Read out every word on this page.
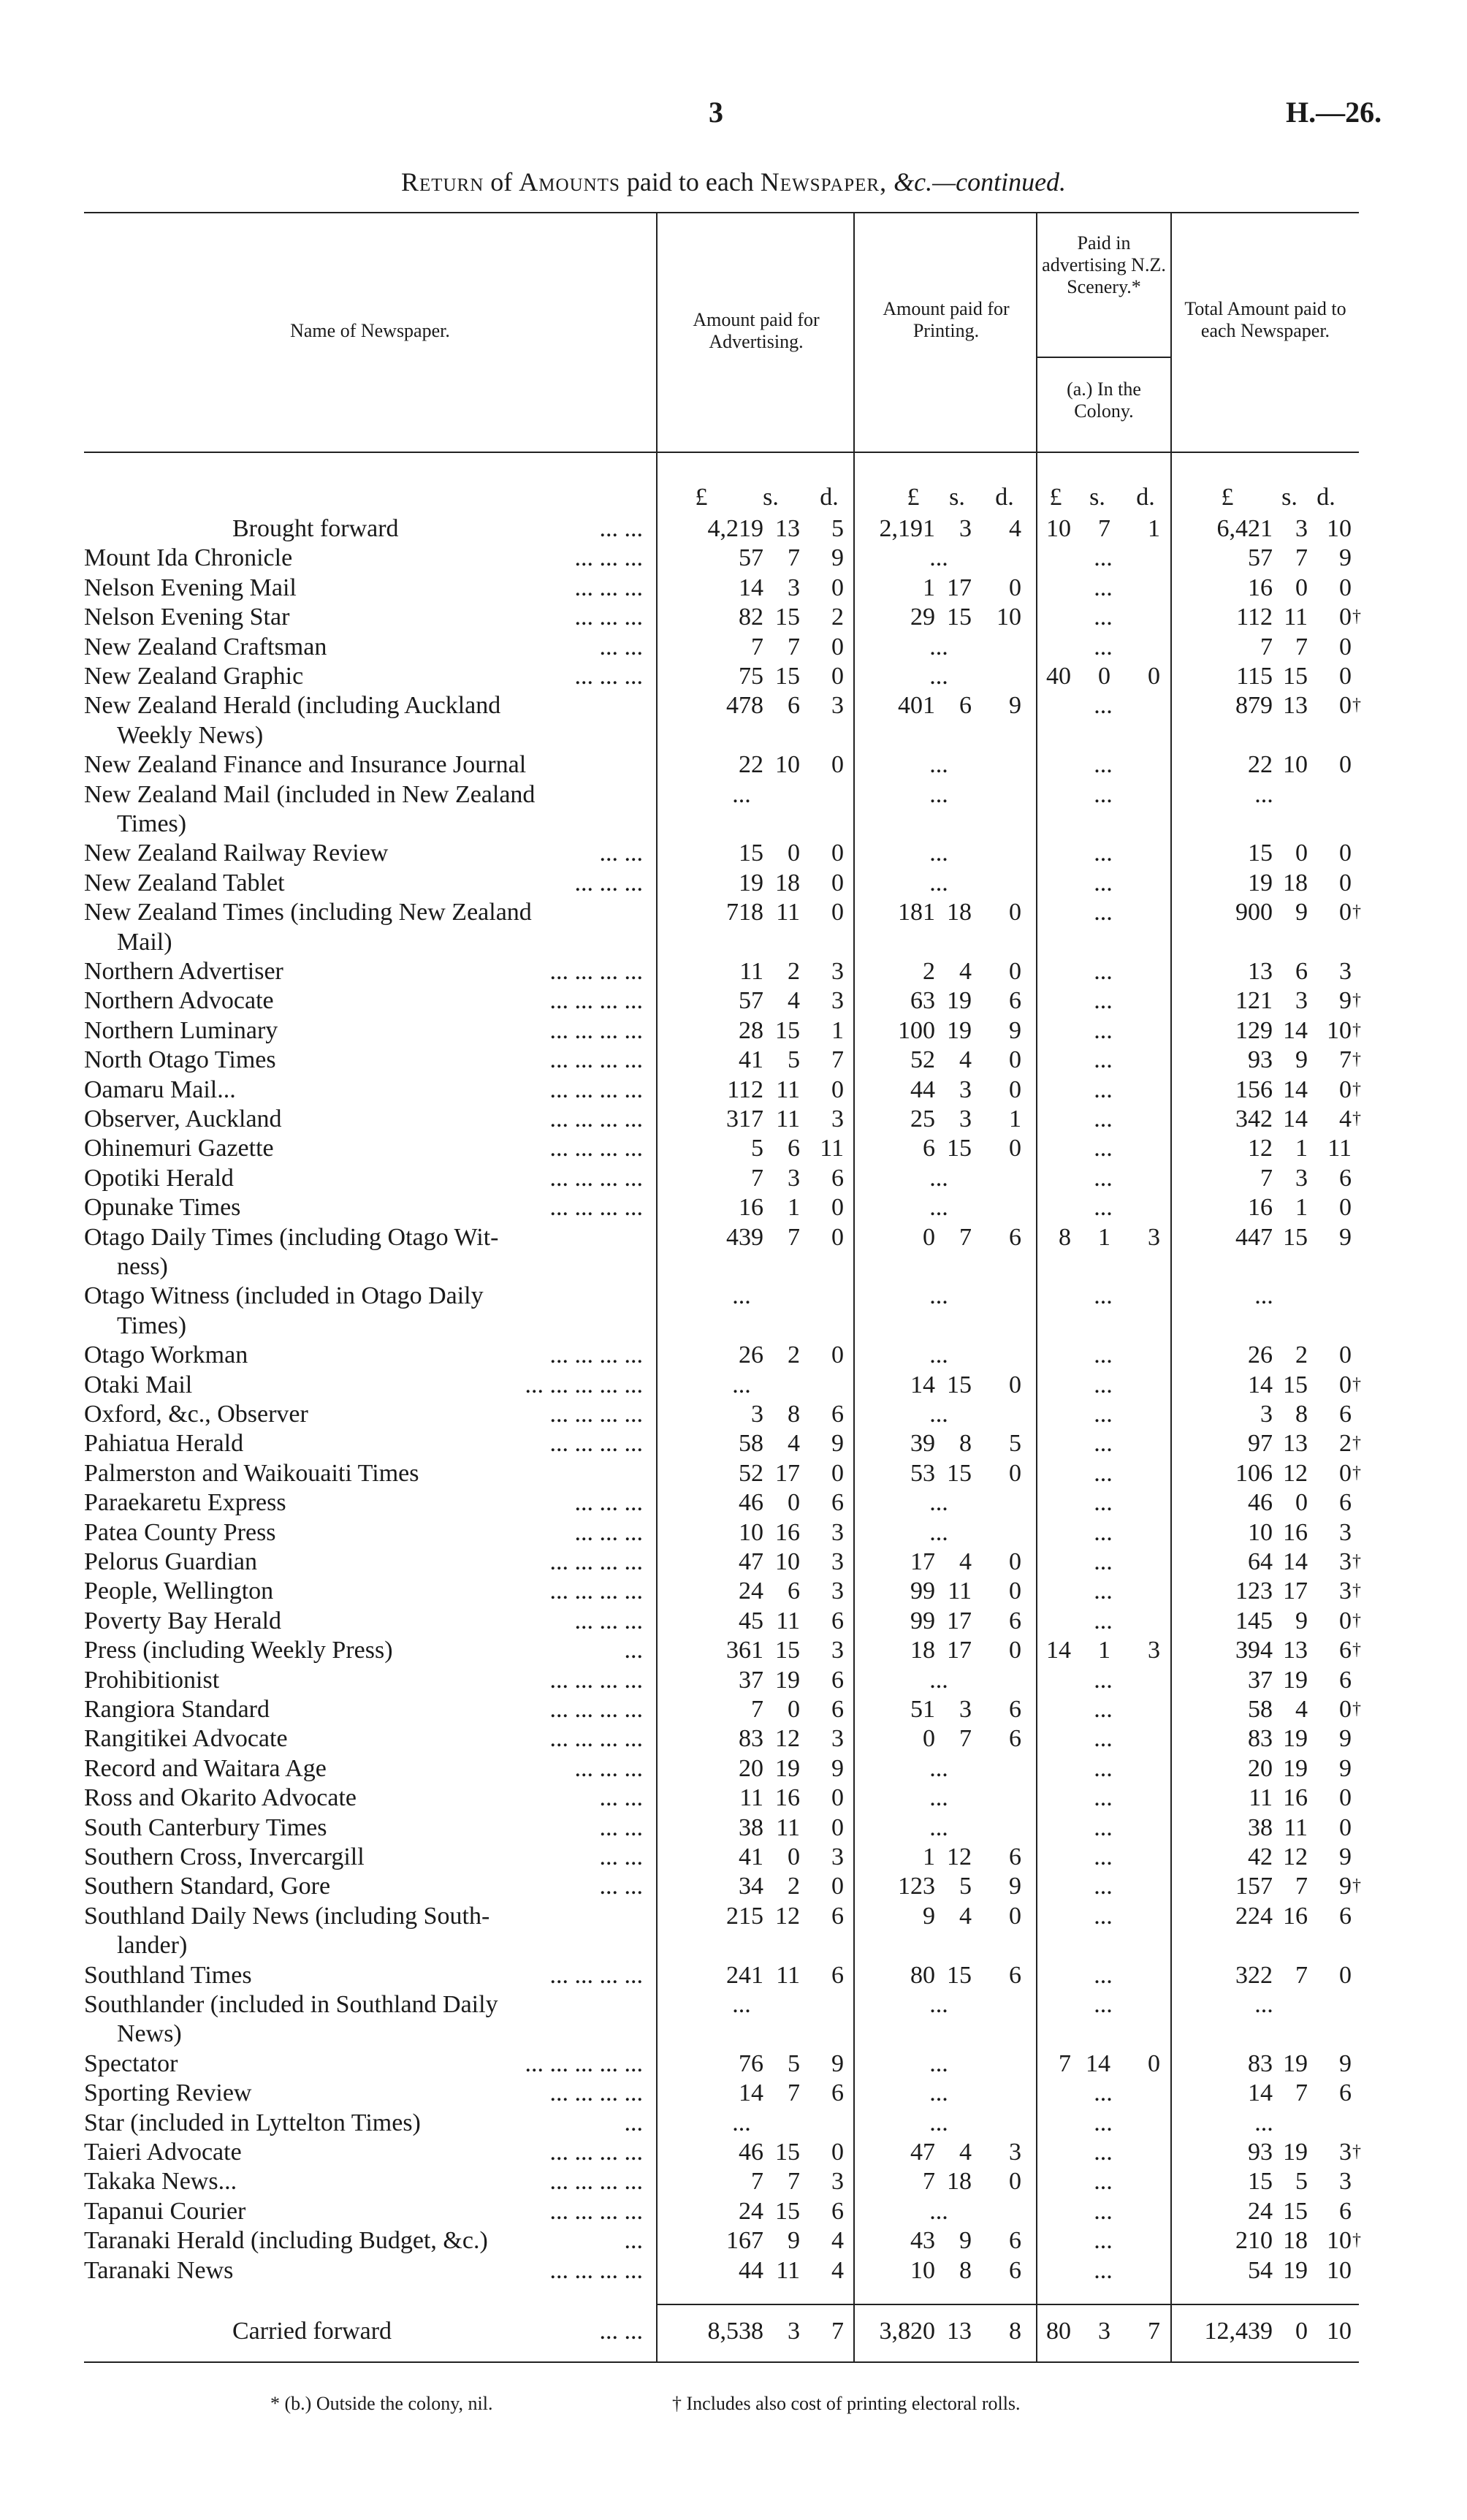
3	H.—26.
Return of Amounts paid to each Newspaper, &c.—continued.
Name of Newspaper.
Amount paid for Advertising.
Amount paid for Printing.
Paid in advertising N.Z. Scenery.*
(a.) In the Colony.
Total Amount paid to each Newspaper.
£	s. d.	£	s. d.	£	s. d.	£	s. d.
Brought forward	... ...	4,219 13	5	2,191 3	4	10	7	1	6,421 3 10
Mount Ida Chronicle	... ... ...	57 7	9	...	...	57 7	9
Nelson Evening Mail	... ... ...	14 3	0	1 17	0	...	16 0	0
Nelson Evening Star	... ... ...	82 15	2	29 15	10	...	112 11	0 †
New Zealand Craftsman	... ...	7 7	0	...	...	7 7	0
New Zealand Graphic	... ... ...	75 15	0	...	40	0	0	115 15	0
New Zealand Herald (including Auckland	478 6	3	401 6	9	...	879 13	0 †
Weekly News)
New Zealand Finance and Insurance Journal	22 10	0	...	...	22 10	0
New Zealand Mail (included in New Zealand	...	...	...	...
Times)
New Zealand Railway Review	... ...	15 0	0	...	...	15 0	0
New Zealand Tablet	... ... ...	19 18	0	...	...	19 18	0
New Zealand Times (including New Zealand	718 11	0	181 18	0	...	900 9	0 †
Mail)
Northern Advertiser	... ... ... ...	11 2	3	2 4	0	...	13 6	3
Northern Advocate	... ... ... ...	57 4	3	63 19	6	...	121 3	9 †
Northern Luminary	... ... ... ...	28 15	1	100 19	9	...	129 14 10 †
North Otago Times	... ... ... ...	41 5	7	52 4	0	...	93 9	7 †
Oamaru Mail...	... ... ... ...	112 11	0	44 3	0	...	156 14	0 †
Observer, Auckland	... ... ... ...	317 11	3	25 3	1	...	342 14	4 †
Ohinemuri Gazette	... ... ... ...	5 6 11	6 15	0	...	12 1 11
Opotiki Herald	... ... ... ...	7 3	6	...	...	7 3	6
Opunake Times	... ... ... ...	16 1	0	...	...	16 1	0
Otago Daily Times (including Otago Wit-	439 7	0	0 7	6	8	1	3	447 15	9
ness)
Otago Witness (included in Otago Daily	...	...	...	...
Times)
Otago Workman	... ... ... ...	26 2	0	...	...	26 2	0
Otaki Mail	... ... ... ... ...	...	14 15	0	...	14 15	0 †
Oxford, &c., Observer	... ... ... ...	3 8	6	...	...	3 8	6
Pahiatua Herald	... ... ... ...	58 4	9	39 8	5	...	97 13	2 †
Palmerston and Waikouaiti Times	52 17	0	53 15	0	...	106 12	0 †
Paraekaretu Express	... ... ...	46 0	6	...	...	46 0	6
Patea County Press	... ... ...	10 16	3	...	...	10 16	3
Pelorus Guardian	... ... ... ...	47 10	3	17 4	0	...	64 14	3 †
People, Wellington	... ... ... ...	24 6	3	99 11	0	...	123 17	3 †
Poverty Bay Herald	... ... ...	45 11	6	99 17	6	...	145 9	0 †
Press (including Weekly Press)	...	361 15	3	18 17	0	14	1	3	394 13	6 †
Prohibitionist	... ... ... ...	37 19	6	...	...	37 19	6
Rangiora Standard	... ... ... ...	7 0	6	51 3	6	...	58 4	0 †
Rangitikei Advocate	... ... ... ...	83 12	3	0 7	6	...	83 19	9
Record and Waitara Age	... ... ...	20 19	9	...	...	20 19	9
Ross and Okarito Advocate	... ...	11 16	0	...	...	11 16	0
South Canterbury Times	... ...	38 11	0	...	...	38 11	0
Southern Cross, Invercargill	... ...	41 0	3	1 12	6	...	42 12	9
Southern Standard, Gore	... ...	34 2	0	123 5	9	...	157 7	9 †
Southland Daily News (including South-	215 12	6	9 4	0	...	224 16	6
lander)
Southland Times	... ... ... ...	241 11	6	80 15	6	...	322 7	0
Southlander (included in Southland Daily	...	...	...	...
News)
Spectator	... ... ... ... ...	76 5	9	...	7 14	0	83 19	9
Sporting Review	... ... ... ...	14 7	6	...	...	14 7	6
Star (included in Lyttelton Times)	...	...	...	...	...
Taieri Advocate	... ... ... ...	46 15	0	47 4	3	...	93 19	3 †
Takaka News...	... ... ... ...	7 7	3	7 18	0	...	15 5	3
Tapanui Courier	... ... ... ...	24 15	6	...	...	24 15	6
Taranaki Herald (including Budget, &c.)	...	167 9	4	43 9	6	...	210 18 10 †
Taranaki News	... ... ... ...	44 11	4	10 8	6	...	54 19 10
Carried forward	... ...	8,538 3	7	3,820 13	8	80	3	7	12,439 0 10
* (b.) Outside the colony, nil.	† Includes also cost of printing electoral rolls.
